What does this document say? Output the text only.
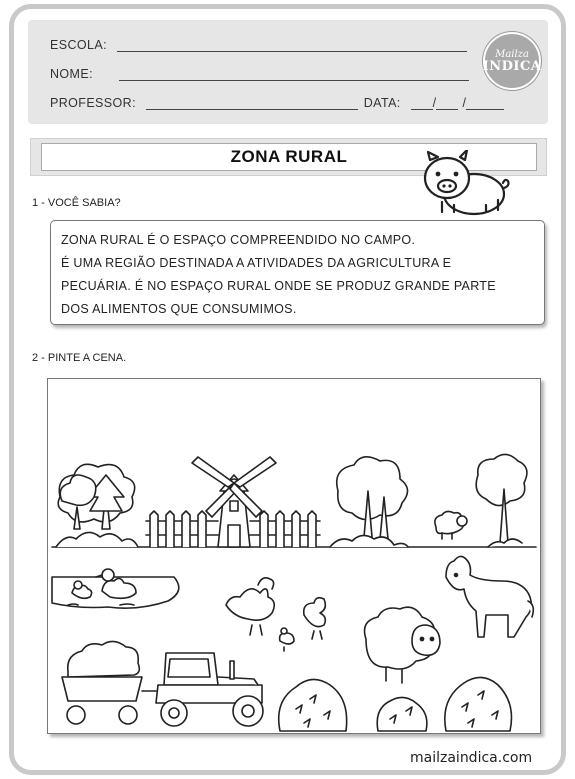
ESCOLA:
NOME:
PROFESSOR:	DATA:	/ /
Mailza
INDICA
ZONA RURAL
1 - VOCÊ SABIA?
ZONA RURAL É O ESPAÇO COMPREENDIDO NO CAMPO.
É UMA REGIÃO DESTINADA A ATIVIDADES DA AGRICULTURA E
PECUÁRIA. É NO ESPAÇO RURAL ONDE SE PRODUZ GRANDE PARTE
DOS ALIMENTOS QUE CONSUMIMOS.
2 - PINTE A CENA.
mailzaindica.com
